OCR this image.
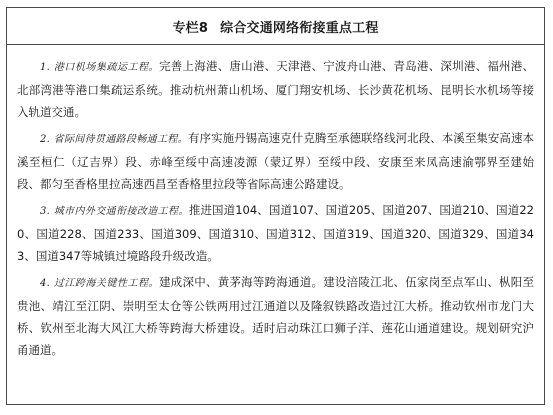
专栏8 综合交通网络衔接重点工程

1. 港口机场集疏运工程。完善上海港、唐山港、天津港、宁波舟山港、青岛港、深圳港、福州港、北部湾港等港口集疏运系统。推动杭州萧山机场、厦门翔安机场、长沙黄花机场、昆明长水机场等接入轨道交通。

2. 省际间待贯通路段畅通工程。有序实施丹锡高速克什克腾至承德联络线河北段、本溪至集安高速本溪至桓仁（辽吉界）段、赤峰至绥中高速凌源（蒙辽界）至绥中段、安康至来凤高速渝鄂界至建始段、都匀至香格里拉高速西昌至香格里拉段等省际高速公路建设。

3. 城市内外交通衔接改造工程。推进国道104、国道107、国道205、国道207、国道210、国道220、国道228、国道233、国道309、国道310、国道312、国道319、国道320、国道329、国道343、国道347等城镇过境路段升级改造。

4. 过江跨海关键性工程。建成深中、黄茅海等跨海通道。建设涪陵江北、伍家岗至点军山、枞阳至贵池、靖江至江阴、崇明至太仓等公铁两用过江通道以及隆叙铁路改造过江大桥。推动钦州市龙门大桥、钦州至北海大风江大桥等跨海大桥建设。适时启动珠江口狮子洋、莲花山通道建设。规划研究沪甬通道。
